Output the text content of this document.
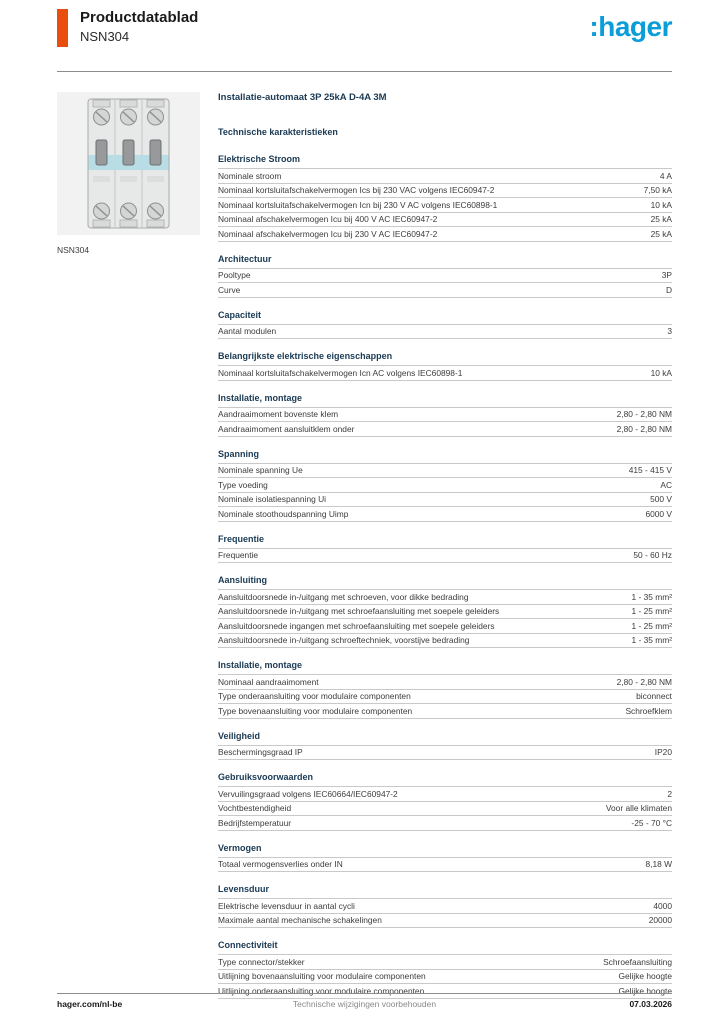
Productdatablad
NSN304	:hager
NSN304
Installatie-automaat 3P 25kA D-4A 3M
Technische karakteristieken
Elektrische Stroom
Nominale stroom	4 A
Nominaal kortsluitafschakelvermogen Ics bij 230 VAC volgens IEC60947-2	7,50 kA
Nominaal kortsluitafschakelvermogen Icn bij 230 V AC volgens IEC60898-1	10 kA
Nominaal afschakelvermogen Icu bij 400 V AC IEC60947-2	25 kA
Nominaal afschakelvermogen Icu bij 230 V AC IEC60947-2	25 kA
Architectuur
Pooltype	3P
Curve	D
Capaciteit
Aantal modulen	3
Belangrijkste elektrische eigenschappen
Nominaal kortsluitafschakelvermogen Icn AC volgens IEC60898-1	10 kA
Installatie, montage
Aandraaimoment bovenste klem	2,80 - 2,80 NM
Aandraaimoment aansluitklem onder	2,80 - 2,80 NM
Spanning
Nominale spanning Ue	415 - 415 V
Type voeding	AC
Nominale isolatiespanning Ui	500 V
Nominale stoothoudspanning Uimp	6000 V
Frequentie
Frequentie	50 - 60 Hz
Aansluiting
Aansluitdoorsnede in-/uitgang met schroeven, voor dikke bedrading	1 - 35 mm²
Aansluitdoorsnede in-/uitgang met schroefaansluiting met soepele geleiders	1 - 25 mm²
Aansluitdoorsnede ingangen met schroefaansluiting met soepele geleiders	1 - 25 mm²
Aansluitdoorsnede in-/uitgang schroeftechniek, voorstijve bedrading	1 - 35 mm²
Installatie, montage
Nominaal aandraaimoment	2,80 - 2,80 NM
Type onderaansluiting voor modulaire componenten	biconnect
Type bovenaansluiting voor modulaire componenten	Schroefklem
Veiligheid
Beschermingsgraad IP	IP20
Gebruiksvoorwaarden
Vervuilingsgraad volgens IEC60664/IEC60947-2	2
Vochtbestendigheid	Voor alle klimaten
Bedrijfstemperatuur	-25 - 70 °C
Vermogen
Totaal vermogensverlies onder IN	8,18 W
Levensduur
Elektrische levensduur in aantal cycli	4000
Maximale aantal mechanische schakelingen	20000
Connectiviteit
Type connector/stekker	Schroefaansluiting
Uitlijning bovenaansluiting voor modulaire componenten	Gelijke hoogte
Uitlijning onderaansluiting voor modulaire componenten	Gelijke hoogte
hager.com/nl-be	Technische wijzigingen voorbehouden	07.03.2026
